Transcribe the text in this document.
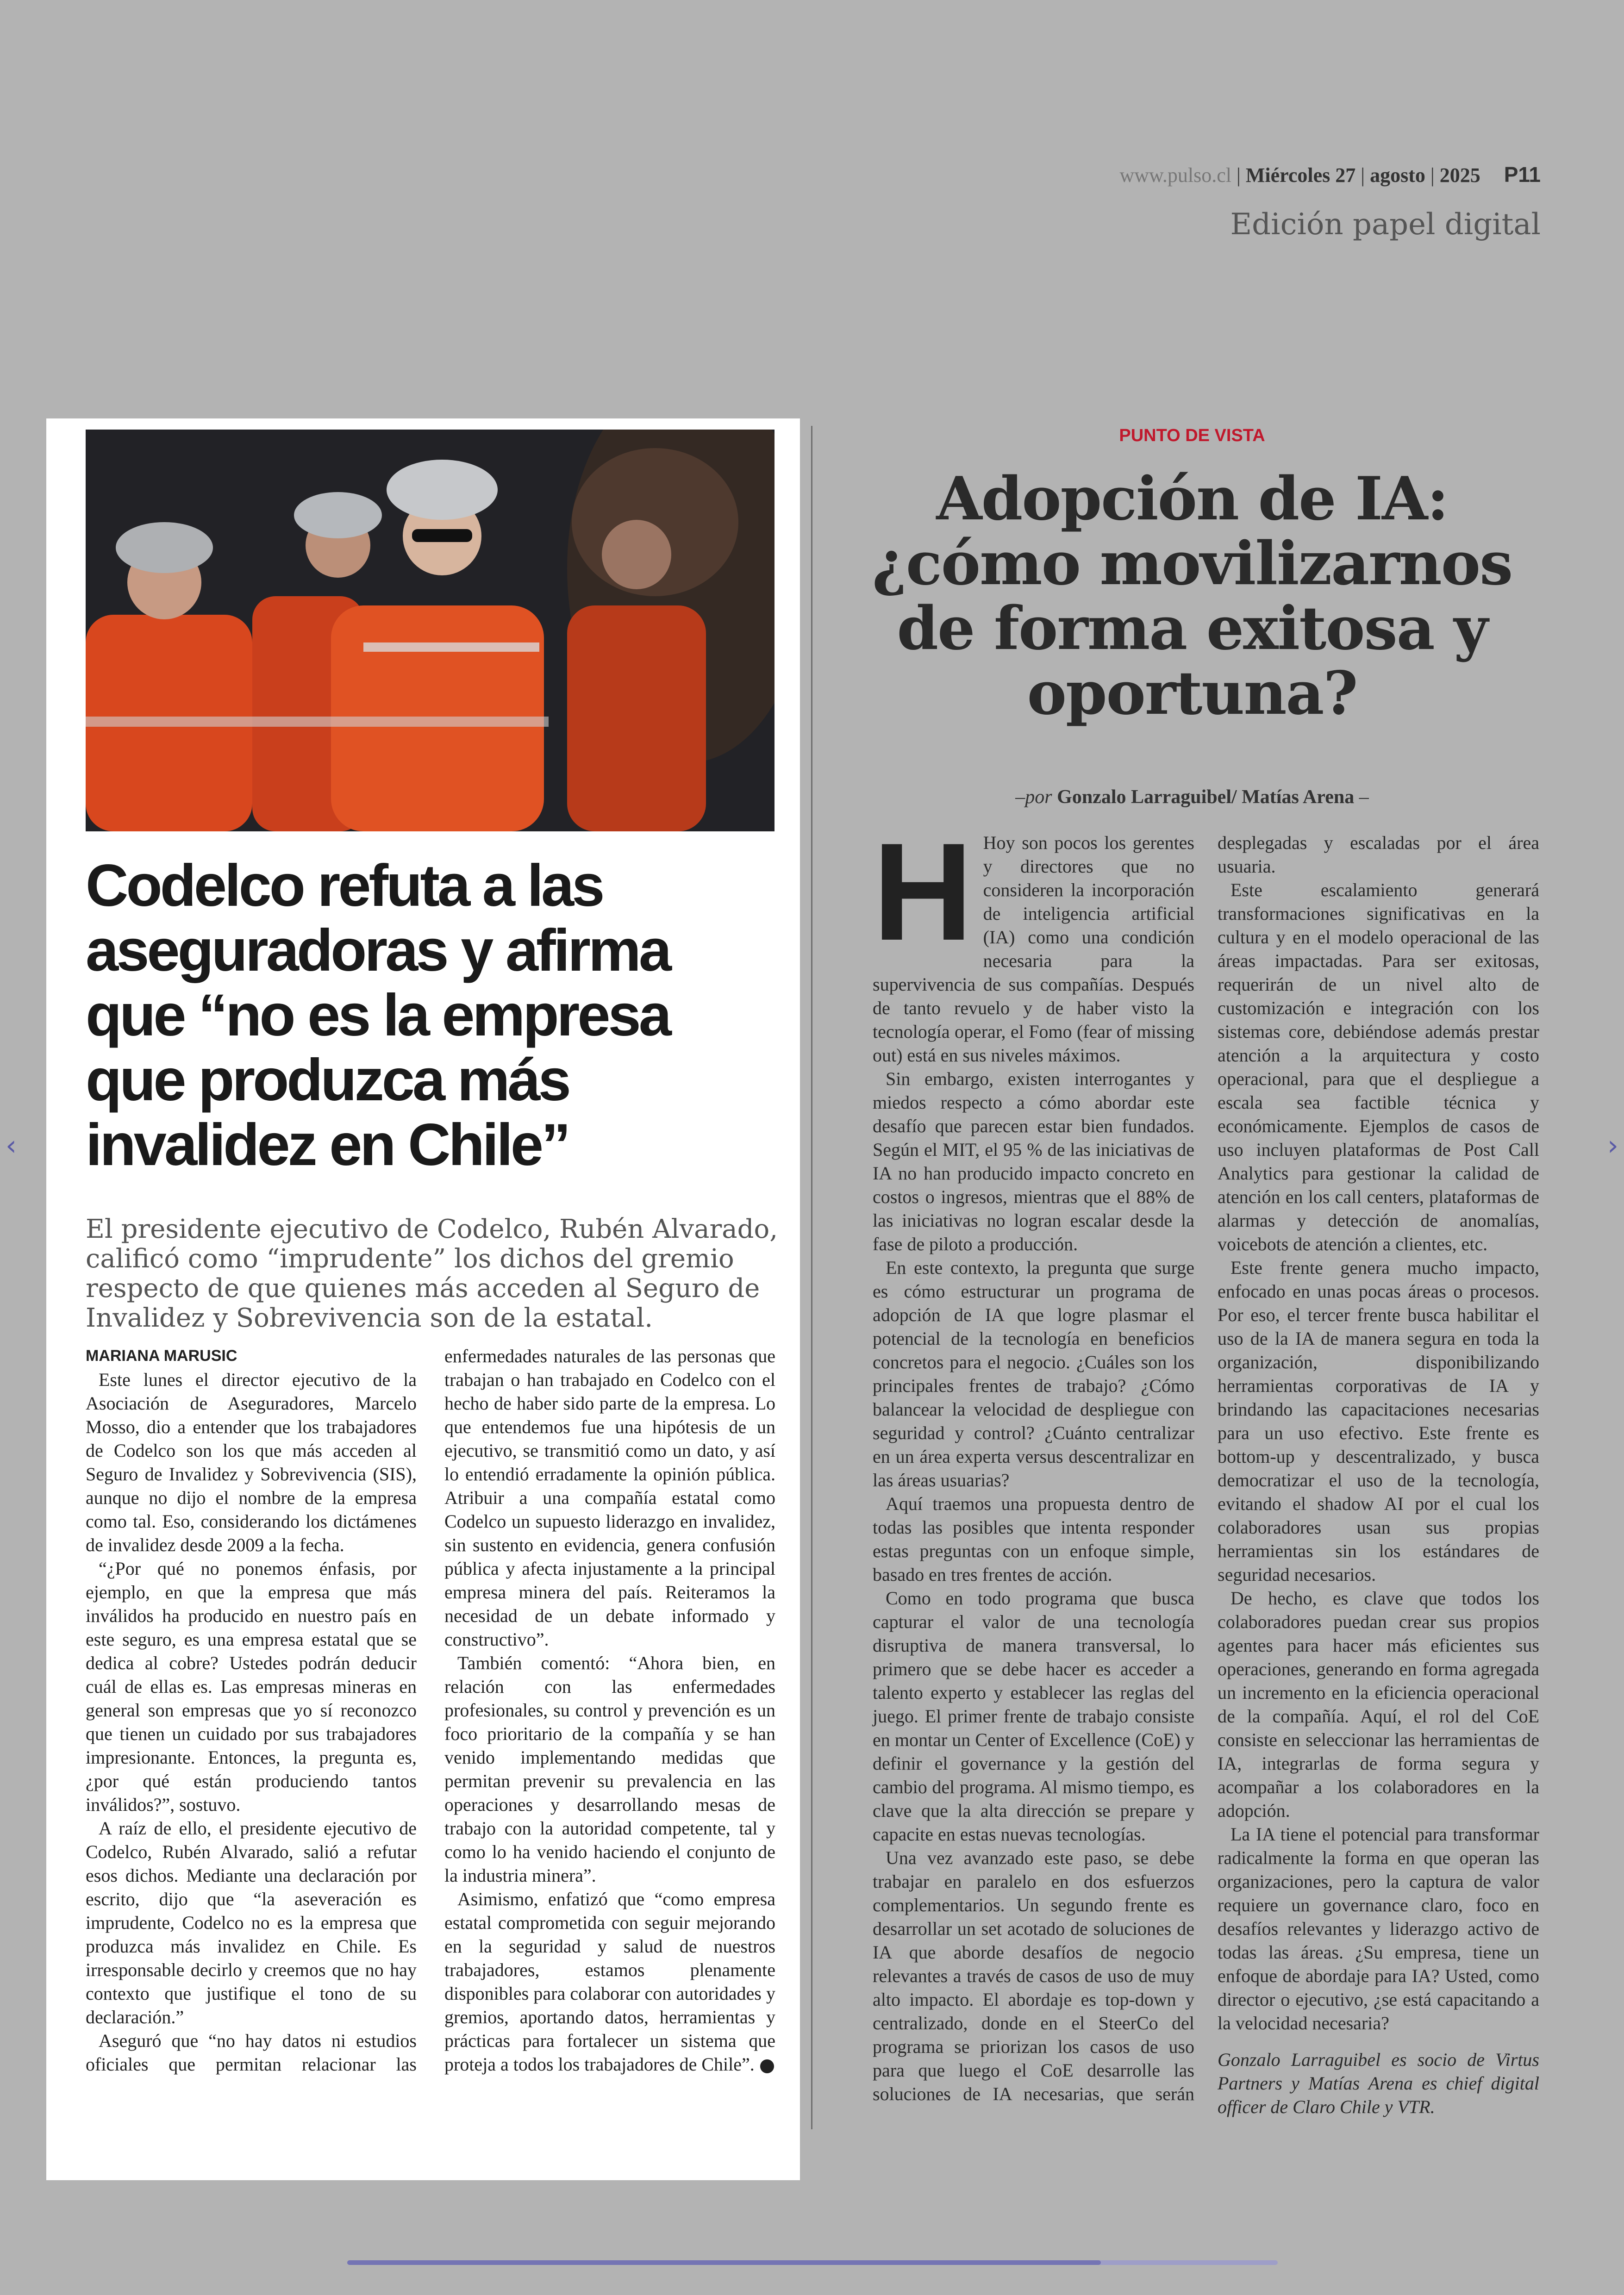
www.pulso.cl | Miércoles 27 | agosto | 2025 P11
Edición papel digital
‹	›
Codelco refuta a las aseguradoras y afirma que “no es la empresa que produzca más invalidez en Chile”

El presidente ejecutivo de Codelco, Rubén Alvarado, calificó como “imprudente” los dichos del gremio respecto de que quienes más acceden al Seguro de Invalidez y Sobrevivencia son de la estatal.

MARIANA MARUSIC

Este lunes el director ejecutivo de la Asociación de Aseguradores, Marcelo Mosso, dio a entender que los trabajadores de Codelco son los que más acceden al Seguro de Invalidez y Sobrevivencia (SIS), aunque no dijo el nombre de la empresa como tal. Eso, considerando los dictámenes de invalidez desde 2009 a la fecha.

“¿Por qué no ponemos énfasis, por ejemplo, en que la empresa que más inválidos ha producido en nuestro país en este seguro, es una empresa estatal que se dedica al cobre? Ustedes podrán deducir cuál de ellas es. Las empresas mineras en general son empresas que yo sí reconozco que tienen un cuidado por sus trabajadores impresionante. Entonces, la pregunta es, ¿por qué están produciendo tantos inválidos?”, sostuvo.

A raíz de ello, el presidente ejecutivo de Codelco, Rubén Alvarado, salió a refutar esos dichos. Mediante una declaración por escrito, dijo que “la aseveración es imprudente, Codelco no es la empresa que produzca más invalidez en Chile. Es irresponsable decirlo y creemos que no hay contexto que justifique el tono de su declaración.”

Aseguró que “no hay datos ni estudios oficiales que permitan relacionar las enfermedades naturales de las personas que trabajan o han trabajado en Codelco con el hecho de haber sido parte de la empresa. Lo que entendemos fue una hipótesis de un ejecutivo, se transmitió como un dato, y así lo entendió erradamente la opinión pública. Atribuir a una compañía estatal como Codelco un supuesto liderazgo en invalidez, sin sustento en evidencia, genera confusión pública y afecta injustamente a la principal empresa minera del país. Reiteramos la necesidad de un debate informado y constructivo”.

También comentó: “Ahora bien, en relación con las enfermedades profesionales, su control y prevención es un foco prioritario de la compañía y se han venido implementando medidas que permitan prevenir su prevalencia en las operaciones y desarrollando mesas de trabajo con la autoridad competente, tal y como lo ha venido haciendo el conjunto de la industria minera”.

Asimismo, enfatizó que “como empresa estatal comprometida con seguir mejorando en la seguridad y salud de nuestros trabajadores, estamos plenamente disponibles para colaborar con autoridades y gremios, aportando datos, herramientas y prácticas para fortalecer un sistema que proteja a todos los trabajadores de Chile”.

PUNTO DE VISTA
Adopción de IA: ¿cómo movilizarnos de forma exitosa y oportuna?
–por Gonzalo Larraguibel/ Matías Arena –

H Hoy son pocos los gerentes y directores que no consideren la incorporación de inteligencia artificial (IA) como una condición necesaria para la supervivencia de sus compañías. Después de tanto revuelo y de haber visto la tecnología operar, el Fomo (fear of missing out) está en sus niveles máximos.

Sin embargo, existen interrogantes y miedos respecto a cómo abordar este desafío que parecen estar bien fundados. Según el MIT, el 95 % de las iniciativas de IA no han producido impacto concreto en costos o ingresos, mientras que el 88% de las iniciativas no logran escalar desde la fase de piloto a producción.

En este contexto, la pregunta que surge es cómo estructurar un programa de adopción de IA que logre plasmar el potencial de la tecnología en beneficios concretos para el negocio. ¿Cuáles son los principales frentes de trabajo? ¿Cómo balancear la velocidad de despliegue con seguridad y control? ¿Cuánto centralizar en un área experta versus descentralizar en las áreas usuarias?

Aquí traemos una propuesta dentro de todas las posibles que intenta responder estas preguntas con un enfoque simple, basado en tres frentes de acción.

Como en todo programa que busca capturar el valor de una tecnología disruptiva de manera transversal, lo primero que se debe hacer es acceder a talento experto y establecer las reglas del juego. El primer frente de trabajo consiste en montar un Center of Excellence (CoE) y definir el governance y la gestión del cambio del programa. Al mismo tiempo, es clave que la alta dirección se prepare y capacite en estas nuevas tecnologías.

Una vez avanzado este paso, se debe trabajar en paralelo en dos esfuerzos complementarios. Un segundo frente es desarrollar un set acotado de soluciones de IA que aborde desafíos de negocio relevantes a través de casos de uso de muy alto impacto. El abordaje es top-down y centralizado, donde en el SteerCo del programa se priorizan los casos de uso para que luego el CoE desarrolle las soluciones de IA necesarias, que serán desplegadas y escaladas por el área usuaria.

Este escalamiento generará transformaciones significativas en la cultura y en el modelo operacional de las áreas impactadas. Para ser exitosas, requerirán de un nivel alto de customización e integración con los sistemas core, debiéndose además prestar atención a la arquitectura y costo operacional, para que el despliegue a escala sea factible técnica y económicamente. Ejemplos de casos de uso incluyen plataformas de Post Call Analytics para gestionar la calidad de atención en los call centers, plataformas de alarmas y detección de anomalías, voicebots de atención a clientes, etc.

Este frente genera mucho impacto, enfocado en unas pocas áreas o procesos. Por eso, el tercer frente busca habilitar el uso de la IA de manera segura en toda la organización, disponibilizando herramientas corporativas de IA y brindando las capacitaciones necesarias para un uso efectivo. Este frente es bottom-up y descentralizado, y busca democratizar el uso de la tecnología, evitando el shadow AI por el cual los colaboradores usan sus propias herramientas sin los estándares de seguridad necesarios.

De hecho, es clave que todos los colaboradores puedan crear sus propios agentes para hacer más eficientes sus operaciones, generando en forma agregada un incremento en la eficiencia operacional de la compañía. Aquí, el rol del CoE consiste en seleccionar las herramientas de IA, integrarlas de forma segura y acompañar a los colaboradores en la adopción.

La IA tiene el potencial para transformar radicalmente la forma en que operan las organizaciones, pero la captura de valor requiere un governance claro, foco en desafíos relevantes y liderazgo activo de todas las áreas. ¿Su empresa, tiene un enfoque de abordaje para IA? Usted, como director o ejecutivo, ¿se está capacitando a la velocidad necesaria?

Gonzalo Larraguibel es socio de Virtus Partners y Matías Arena es chief digital officer de Claro Chile y VTR.
